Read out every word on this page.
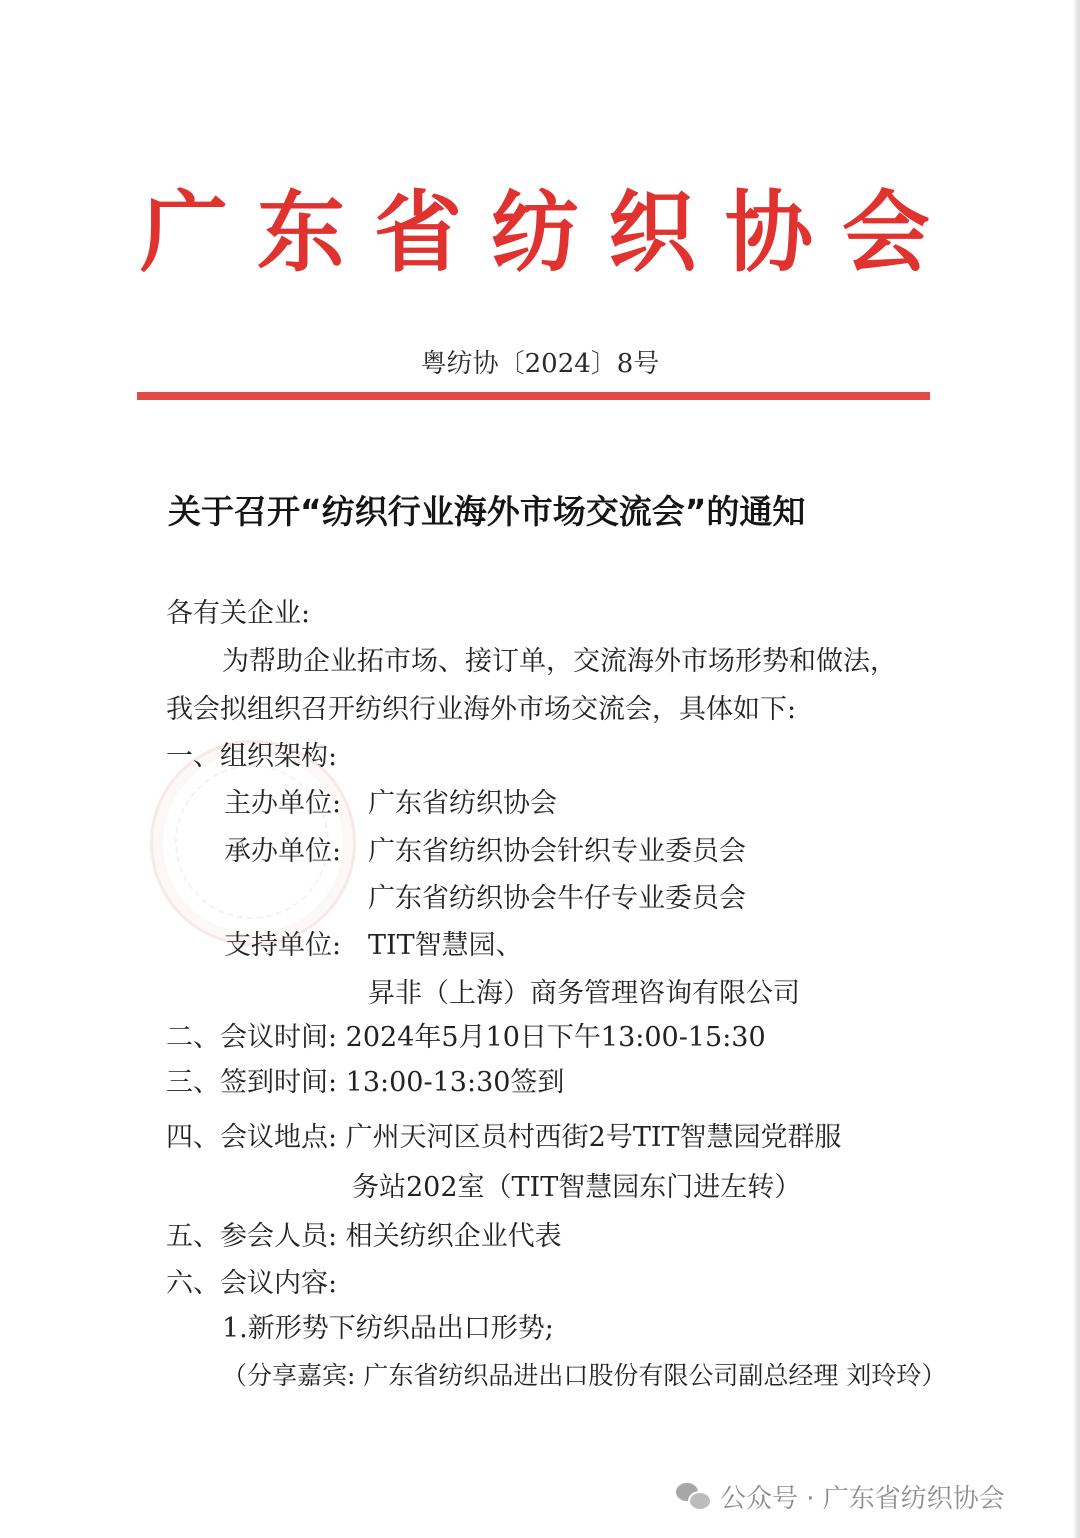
广 东 省 纺 织 协 会
粤纺协〔2024〕8号
关于召开“纺织行业海外市场交流会”的通知
各有关企业:
为帮助企业拓市场、接订单，交流海外市场形势和做法，
我会拟组织召开纺织行业海外市场交流会，具体如下:
一、组织架构:
主办单位: 广东省纺织协会
承办单位: 广东省纺织协会针织专业委员会
广东省纺织协会牛仔专业委员会
支持单位: TIT智慧园、
昇非（上海）商务管理咨询有限公司
二、会议时间: 2024年5月10日下午13:00-15:30
三、签到时间: 13:00-13:30签到
四、会议地点: 广州天河区员村西街2号TIT智慧园党群服
务站202室（TIT智慧园东门进左转）
五、参会人员: 相关纺织企业代表
六、会议内容:
1.新形势下纺织品出口形势;
（分享嘉宾: 广东省纺织品进出口股份有限公司副总经理 刘玲玲）
公众号 · 广东省纺织协会
